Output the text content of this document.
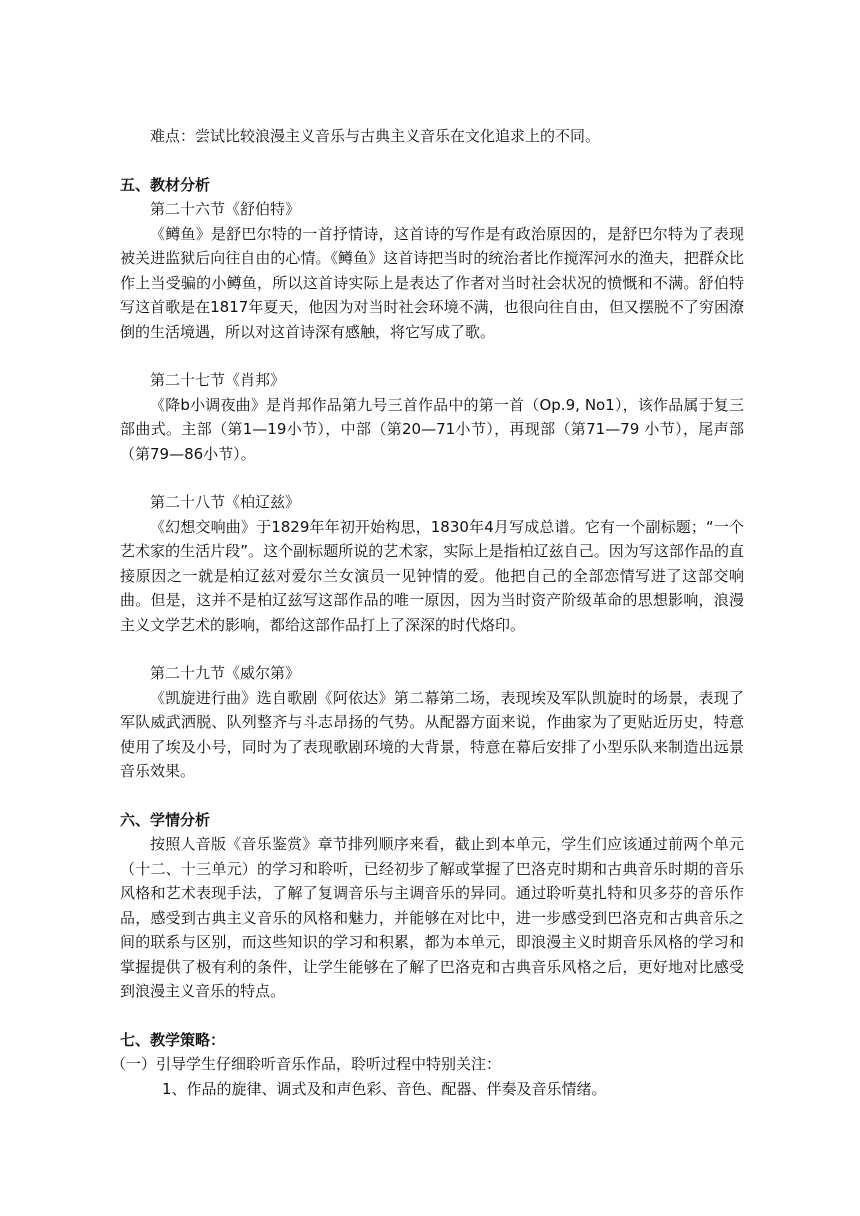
难点：尝试比较浪漫主义音乐与古典主义音乐在文化追求上的不同。

五、教材分析

第二十六节《舒伯特》

《鳟鱼》是舒巴尔特的一首抒情诗，这首诗的写作是有政治原因的，是舒巴尔特为了表现被关进监狱后向往自由的心情。《鳟鱼》这首诗把当时的统治者比作搅浑河水的渔夫，把群众比作上当受骗的小鳟鱼，所以这首诗实际上是表达了作者对当时社会状况的愤慨和不满。舒伯特写这首歌是在1817年夏天，他因为对当时社会环境不满，也很向往自由，但又摆脱不了穷困潦倒的生活境遇，所以对这首诗深有感触，将它写成了歌。

第二十七节《肖邦》

《降b小调夜曲》是肖邦作品第九号三首作品中的第一首（Op.9, No1），该作品属于复三部曲式。主部（第1—19小节），中部（第20—71小节），再现部（第71—79 小节），尾声部（第79—86小节）。

第二十八节《柏辽兹》

《幻想交响曲》于1829年年初开始构思，1830年4月写成总谱。它有一个副标题；“一个艺术家的生活片段”。这个副标题所说的艺术家，实际上是指柏辽兹自己。因为写这部作品的直接原因之一就是柏辽兹对爱尔兰女演员一见钟情的爱。他把自己的全部恋情写进了这部交响曲。但是，这并不是柏辽兹写这部作品的唯一原因，因为当时资产阶级革命的思想影响，浪漫主义文学艺术的影响，都给这部作品打上了深深的时代烙印。

第二十九节《威尔第》

《凯旋进行曲》选自歌剧《阿依达》第二幕第二场，表现埃及军队凯旋时的场景，表现了军队威武洒脱、队列整齐与斗志昂扬的气势。从配器方面来说，作曲家为了更贴近历史，特意使用了埃及小号，同时为了表现歌剧环境的大背景，特意在幕后安排了小型乐队来制造出远景音乐效果。

六、学情分析

按照人音版《音乐鉴赏》章节排列顺序来看，截止到本单元，学生们应该通过前两个单元（十二、十三单元）的学习和聆听，已经初步了解或掌握了巴洛克时期和古典音乐时期的音乐风格和艺术表现手法，了解了复调音乐与主调音乐的异同。通过聆听莫扎特和贝多芬的音乐作品，感受到古典主义音乐的风格和魅力，并能够在对比中，进一步感受到巴洛克和古典音乐之间的联系与区别，而这些知识的学习和积累，都为本单元，即浪漫主义时期音乐风格的学习和掌握提供了极有利的条件，让学生能够在了解了巴洛克和古典音乐风格之后，更好地对比感受到浪漫主义音乐的特点。

七、教学策略：

（一）引导学生仔细聆听音乐作品，聆听过程中特别关注：

1、作品的旋律、调式及和声色彩、音色、配器、伴奏及音乐情绪。
